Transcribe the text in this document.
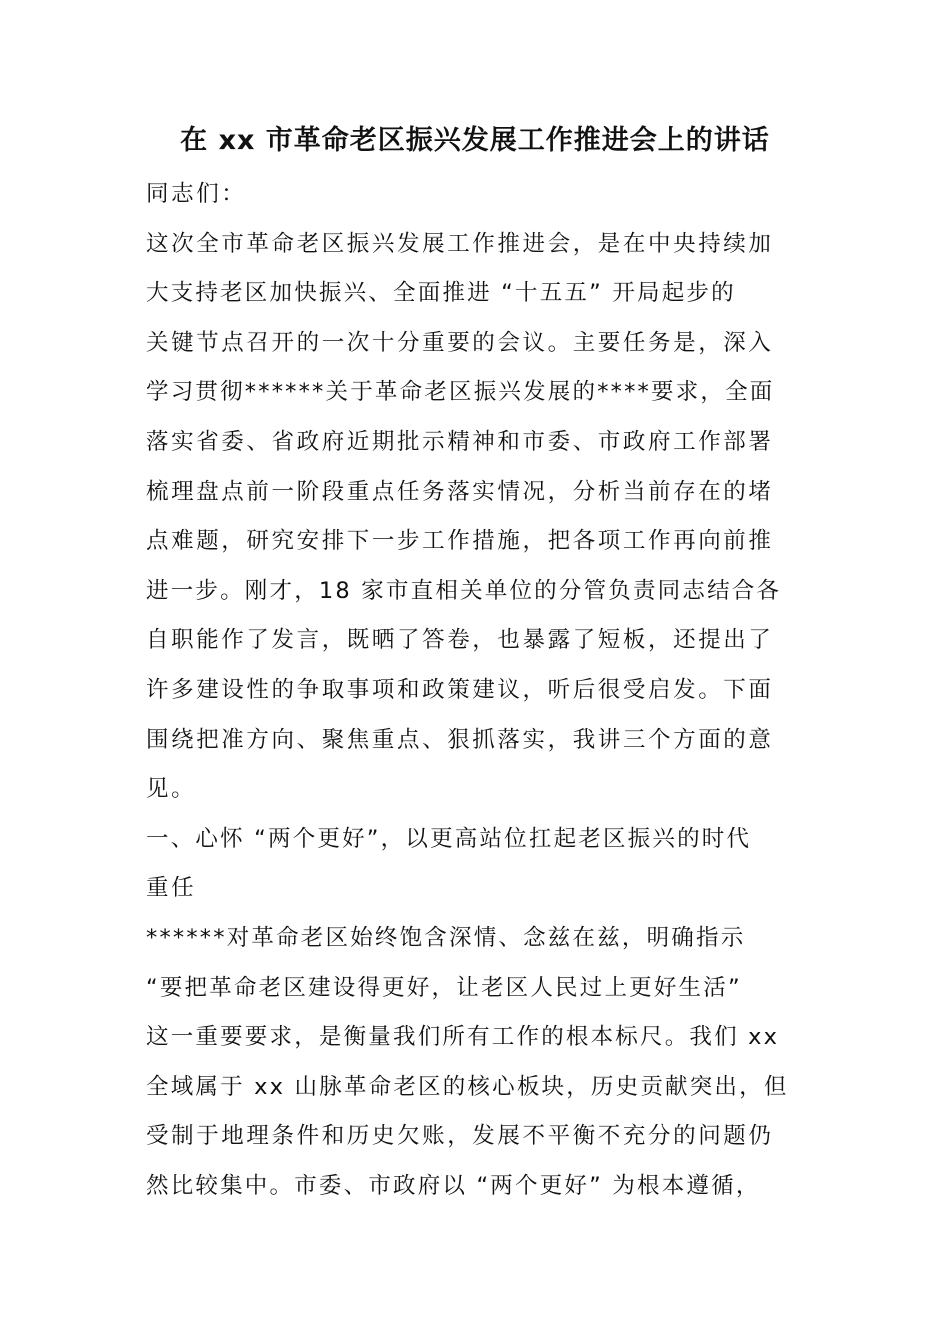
在 xx 市革命老区振兴发展工作推进会上的讲话
同志们：
这次全市革命老区振兴发展工作推进会，是在中央持续加
大支持老区加快振兴、全面推进 “十五五” 开局起步的
关键节点召开的一次十分重要的会议。主要任务是，深入
学习贯彻******关于革命老区振兴发展的****要求，全面
落实省委、省政府近期批示精神和市委、市政府工作部署
梳理盘点前一阶段重点任务落实情况，分析当前存在的堵
点难题，研究安排下一步工作措施，把各项工作再向前推
进一步。刚才，18 家市直相关单位的分管负责同志结合各
自职能作了发言，既晒了答卷，也暴露了短板，还提出了
许多建设性的争取事项和政策建议，听后很受启发。下面
围绕把准方向、聚焦重点、狠抓落实，我讲三个方面的意
见。
一、心怀 “两个更好”，以更高站位扛起老区振兴的时代
重任
******对革命老区始终饱含深情、念兹在兹，明确指示
“要把革命老区建设得更好，让老区人民过上更好生活”
这一重要要求，是衡量我们所有工作的根本标尺。我们 xx
全域属于 xx 山脉革命老区的核心板块，历史贡献突出，但
受制于地理条件和历史欠账，发展不平衡不充分的问题仍
然比较集中。市委、市政府以 “两个更好” 为根本遵循，
